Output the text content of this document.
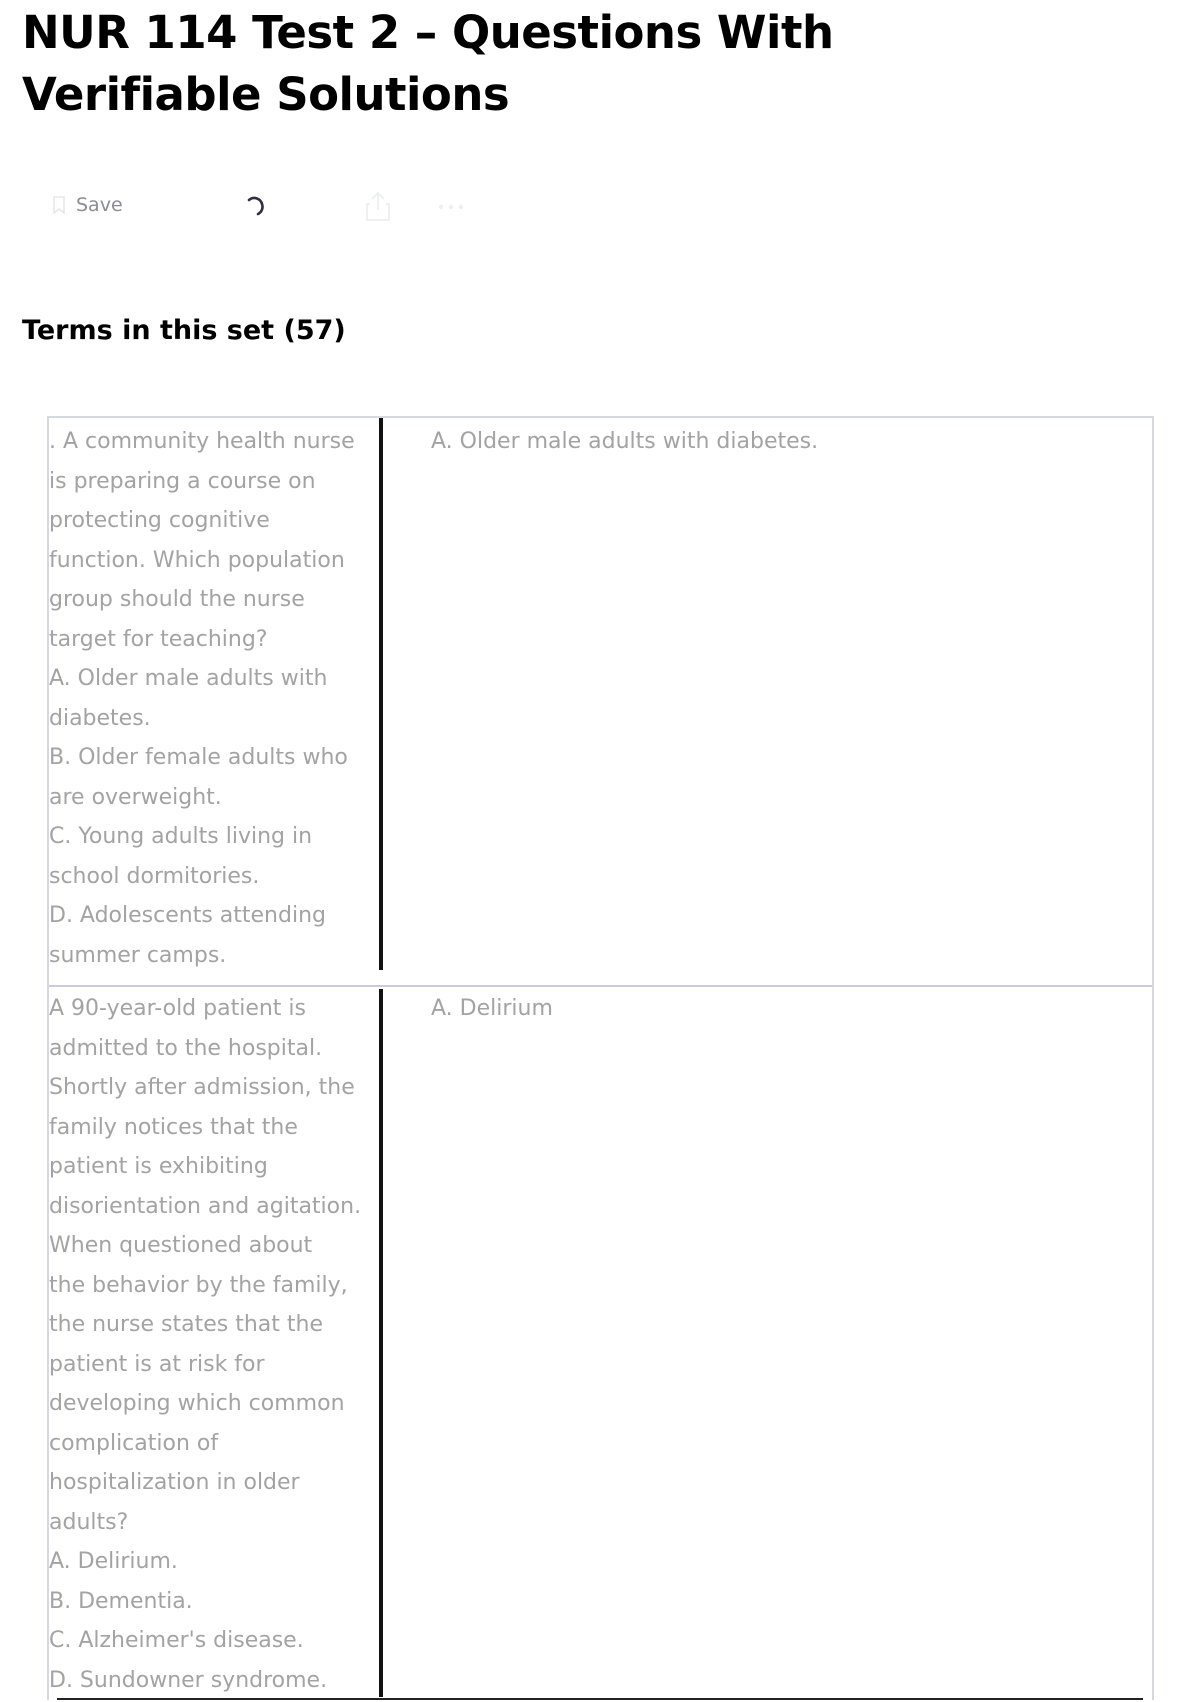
NUR 114 Test 2 – Questions With Verifiable Solutions
Save
Terms in this set (57)
. A community health nurse
is preparing a course on
protecting cognitive
function. Which population
group should the nurse
target for teaching?
A. Older male adults with
diabetes.
B. Older female adults who
are overweight.
C. Young adults living in
school dormitories.
D. Adolescents attending
summer camps.
A. Older male adults with diabetes.
A 90-year-old patient is
admitted to the hospital.
Shortly after admission, the
family notices that the
patient is exhibiting
disorientation and agitation.
When questioned about
the behavior by the family,
the nurse states that the
patient is at risk for
developing which common
complication of
hospitalization in older
adults?
A. Delirium.
B. Dementia.
C. Alzheimer's disease.
D. Sundowner syndrome.
A. Delirium
